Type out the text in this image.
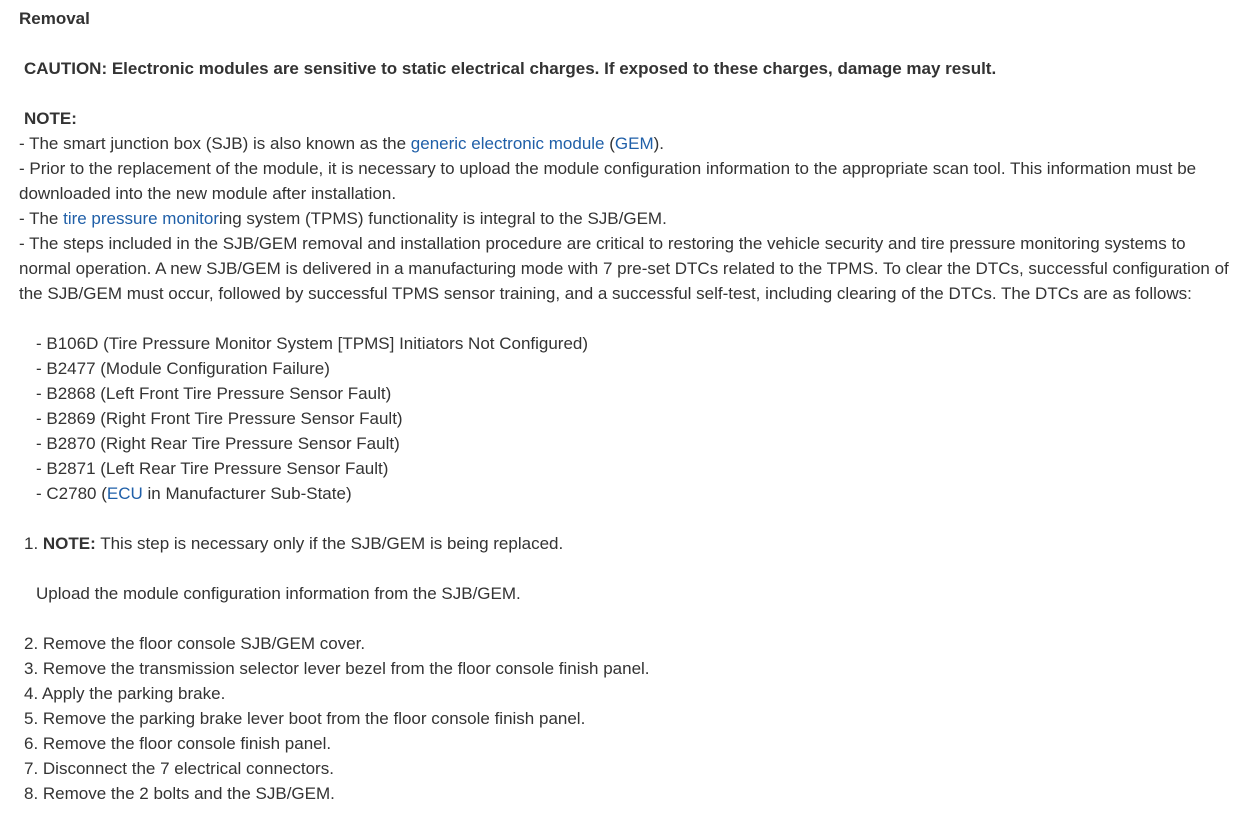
Removal
CAUTION: Electronic modules are sensitive to static electrical charges. If exposed to these charges, damage may result.
NOTE:
- The smart junction box (SJB) is also known as the generic electronic module (GEM).
- Prior to the replacement of the module, it is necessary to upload the module configuration information to the appropriate scan tool. This information must be downloaded into the new module after installation.
- The tire pressure monitoring system (TPMS) functionality is integral to the SJB/GEM.
- The steps included in the SJB/GEM removal and installation procedure are critical to restoring the vehicle security and tire pressure monitoring systems to normal operation. A new SJB/GEM is delivered in a manufacturing mode with 7 pre-set DTCs related to the TPMS. To clear the DTCs, successful configuration of the SJB/GEM must occur, followed by successful TPMS sensor training, and a successful self-test, including clearing of the DTCs. The DTCs are as follows:
- B106D (Tire Pressure Monitor System [TPMS] Initiators Not Configured)
- B2477 (Module Configuration Failure)
- B2868 (Left Front Tire Pressure Sensor Fault)
- B2869 (Right Front Tire Pressure Sensor Fault)
- B2870 (Right Rear Tire Pressure Sensor Fault)
- B2871 (Left Rear Tire Pressure Sensor Fault)
- C2780 (ECU in Manufacturer Sub-State)
1. NOTE: This step is necessary only if the SJB/GEM is being replaced.
Upload the module configuration information from the SJB/GEM.
2. Remove the floor console SJB/GEM cover.
3. Remove the transmission selector lever bezel from the floor console finish panel.
4. Apply the parking brake.
5. Remove the parking brake lever boot from the floor console finish panel.
6. Remove the floor console finish panel.
7. Disconnect the 7 electrical connectors.
8. Remove the 2 bolts and the SJB/GEM.
